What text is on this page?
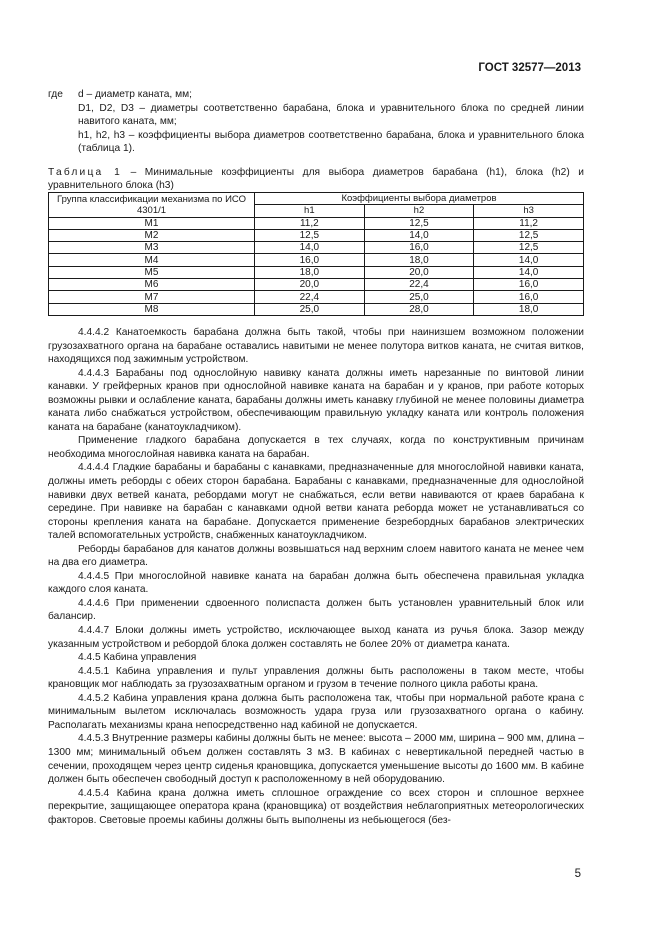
ГОСТ 32577—2013
где d – диаметр каната, мм;

D1, D2, D3 – диаметры соответственно барабана, блока и уравнительного блока по средней линии навитого каната, мм;

h1, h2, h3 – коэффициенты выбора диаметров соответственно барабана, блока и уравнительного блока (таблица 1).

Таблица 1 – Минимальные коэффициенты для выбора диаметров барабана (h1), блока (h2) и уравнительного блока (h3)
Группа классификации механизма по ИСО 4301/1	Коэффициенты выбора диаметров		
	h1	h2	h3
M1	11,2	12,5	11,2
M2	12,5	14,0	12,5
M3	14,0	16,0	12,5
M4	16,0	18,0	14,0
M5	18,0	20,0	14,0
M6	20,0	22,4	16,0
M7	22,4	25,0	16,0
M8	25,0	28,0	18,0

4.4.4.2 Канатоемкость барабана должна быть такой, чтобы при наинизшем возможном положении грузозахватного органа на барабане оставались навитыми не менее полутора витков каната, не считая витков, находящихся под зажимным устройством.

4.4.4.3 Барабаны под однослойную навивку каната должны иметь нарезанные по винтовой линии канавки. У грейферных кранов при однослойной навивке каната на барабан и у кранов, при работе которых возможны рывки и ослабление каната, барабаны должны иметь канавку глубиной не менее половины диаметра каната либо снабжаться устройством, обеспечивающим правильную укладку каната или контроль положения каната на барабане (канатоукладчиком).

Применение гладкого барабана допускается в тех случаях, когда по конструктивным причинам необходима многослойная навивка каната на барабан.

4.4.4.4 Гладкие барабаны и барабаны с канавками, предназначенные для многослойной навивки каната, должны иметь реборды с обеих сторон барабана. Барабаны с канавками, предназначенные для однослойной навивки двух ветвей каната, ребордами могут не снабжаться, если ветви навиваются от краев барабана к середине. При навивке на барабан с канавками одной ветви каната реборда может не устанавливаться со стороны крепления каната на барабане. Допускается применение безребордных барабанов электрических талей вспомогательных устройств, снабженных канатоукладчиком.

Реборды барабанов для канатов должны возвышаться над верхним слоем навитого каната не менее чем на два его диаметра.

4.4.4.5 При многослойной навивке каната на барабан должна быть обеспечена правильная укладка каждого слоя каната.

4.4.4.6 При применении сдвоенного полиспаста должен быть установлен уравнительный блок или балансир.

4.4.4.7 Блоки должны иметь устройство, исключающее выход каната из ручья блока. Зазор между указанным устройством и ребордой блока должен составлять не более 20% от диаметра каната.

4.4.5 Кабина управления

4.4.5.1 Кабина управления и пульт управления должны быть расположены в таком месте, чтобы крановщик мог наблюдать за грузозахватным органом и грузом в течение полного цикла работы крана.

4.4.5.2 Кабина управления крана должна быть расположена так, чтобы при нормальной работе крана с минимальным вылетом исключалась возможность удара груза или грузозахватного органа о кабину. Располагать механизмы крана непосредственно над кабиной не допускается.

4.4.5.3 Внутренние размеры кабины должны быть не менее: высота – 2000 мм, ширина – 900 мм, длина – 1300 мм; минимальный объем должен составлять 3 м3. В кабинах с невертикальной передней частью в сечении, проходящем через центр сиденья крановщика, допускается уменьшение высоты до 1600 мм. В кабине должен быть обеспечен свободный доступ к расположенному в ней оборудованию.

4.4.5.4 Кабина крана должна иметь сплошное ограждение со всех сторон и сплошное верхнее перекрытие, защищающее оператора крана (крановщика) от воздействия неблагоприятных метеорологических факторов. Световые проемы кабины должны быть выполнены из небьющегося (без-

5
